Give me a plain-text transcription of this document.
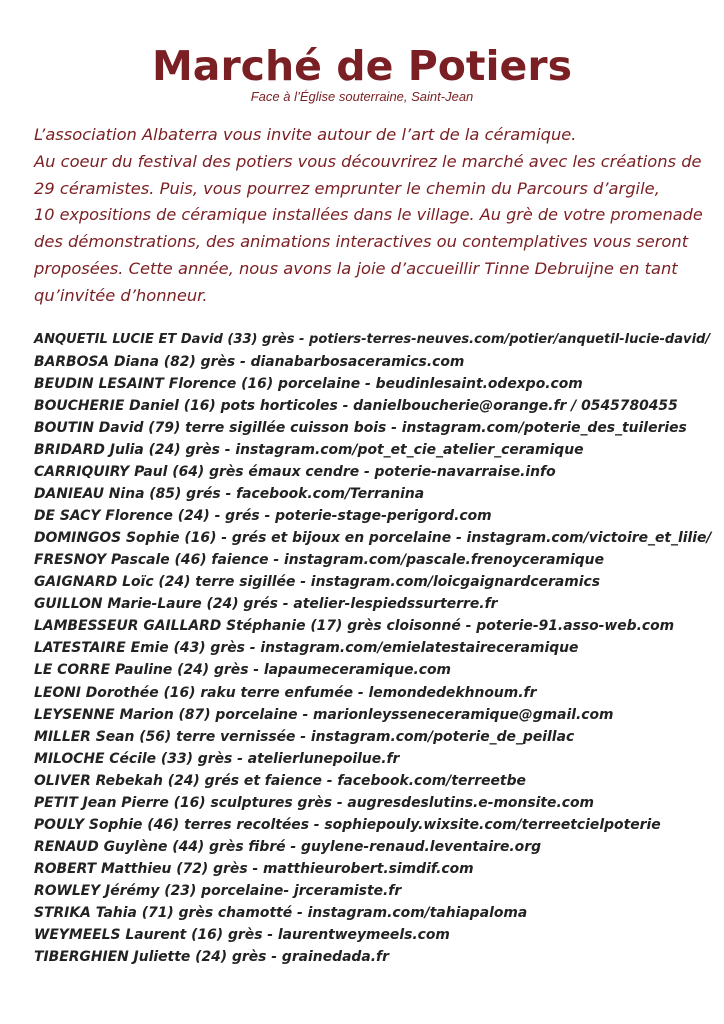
Marché de Potiers
Face à l’Église souterraine, Saint-Jean
L’association Albaterra vous invite autour de l’art de la céramique.
Au coeur du festival des potiers vous découvrirez le marché avec les créations de
29 céramistes. Puis, vous pourrez emprunter le chemin du Parcours d’argile,
10 expositions de céramique installées dans le village. Au grè de votre promenade
des démonstrations, des animations interactives ou contemplatives vous seront
proposées. Cette année, nous avons la joie d’accueillir Tinne Debruijne en tant
qu’invitée d’honneur.
ANQUETIL LUCIE ET David (33) grès - potiers-terres-neuves.com/potier/anquetil-lucie-david/
BARBOSA Diana (82) grès - dianabarbosaceramics.com
BEUDIN LESAINT Florence (16) porcelaine - beudinlesaint.odexpo.com
BOUCHERIE Daniel (16) pots horticoles - danielboucherie@orange.fr / 0545780455
BOUTIN David (79) terre sigillée cuisson bois - instagram.com/poterie_des_tuileries
BRIDARD Julia (24) grès - instagram.com/pot_et_cie_atelier_ceramique
CARRIQUIRY Paul (64) grès émaux cendre - poterie-navarraise.info
DANIEAU Nina (85) grés - facebook.com/Terranina
DE SACY Florence (24) - grés - poterie-stage-perigord.com
DOMINGOS Sophie (16) - grés et bijoux en porcelaine - instagram.com/victoire_et_lilie/
FRESNOY Pascale (46) faience - instagram.com/pascale.frenoyceramique
GAIGNARD Loïc (24) terre sigillée - instagram.com/loicgaignardceramics
GUILLON Marie-Laure (24) grés - atelier-lespiedssurterre.fr
LAMBESSEUR GAILLARD Stéphanie (17) grès cloisonné - poterie-91.asso-web.com
LATESTAIRE Emie (43) grès - instagram.com/emielatestaireceramique
LE CORRE Pauline (24) grès - lapaumeceramique.com
LEONI Dorothée (16) raku terre enfumée - lemondedekhnoum.fr
LEYSENNE Marion (87) porcelaine - marionleysseneceramique@gmail.com
MILLER Sean (56) terre vernissée - instagram.com/poterie_de_peillac
MILOCHE Cécile (33) grès - atelierlunepoilue.fr
OLIVER Rebekah (24) grés et faience - facebook.com/terreetbe
PETIT Jean Pierre (16) sculptures grès - augresdeslutins.e-monsite.com
POULY Sophie (46) terres recoltées - sophiepouly.wixsite.com/terreetcielpoterie
RENAUD Guylène (44) grès fibré - guylene-renaud.leventaire.org
ROBERT Matthieu (72) grès - matthieurobert.simdif.com
ROWLEY Jérémy (23) porcelaine- jrceramiste.fr
STRIKA Tahia (71) grès chamotté - instagram.com/tahiapaloma
WEYMEELS Laurent (16) grès - laurentweymeels.com
TIBERGHIEN Juliette (24) grès - grainedada.fr
